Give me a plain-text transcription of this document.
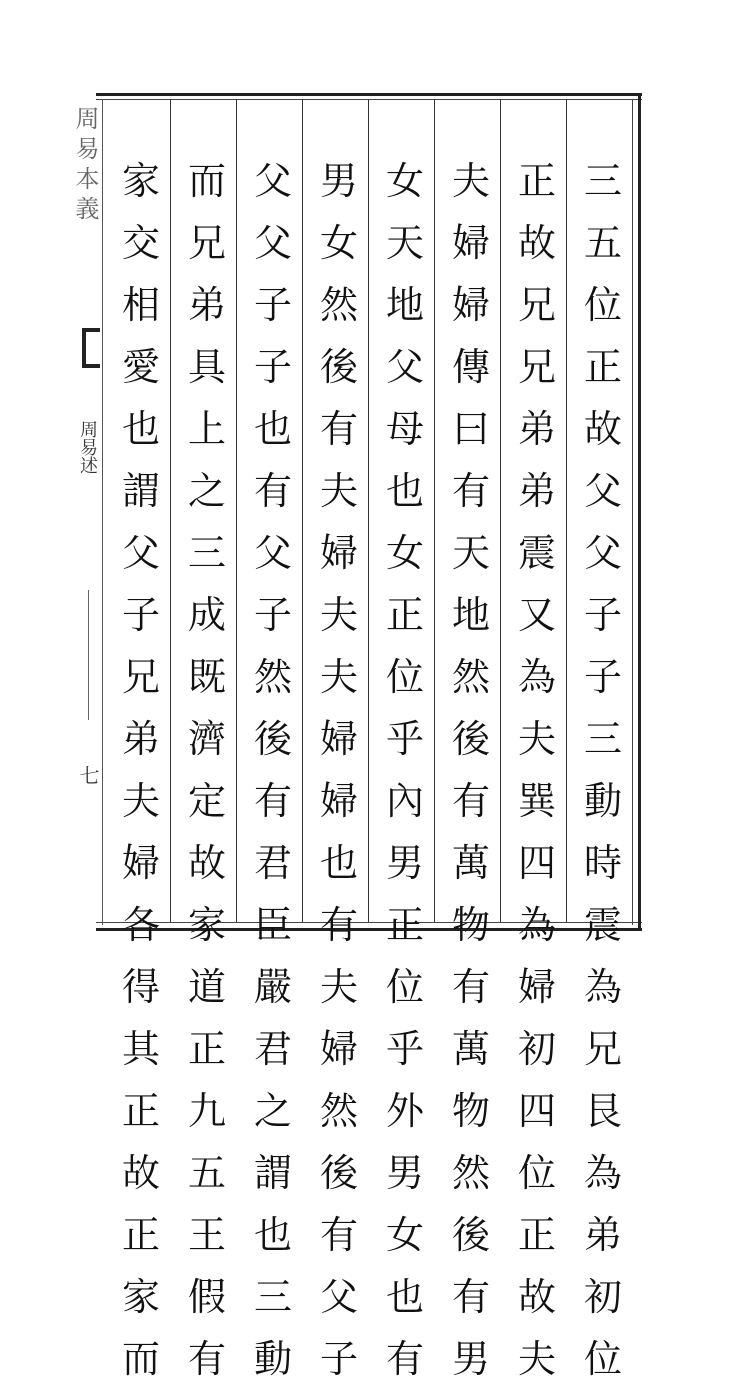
周易本義
周易述
七
三
五
位
正
故
父
父
子
子
三
動
時
震
為
兄
艮
為
弟
初
位
正
故
兄
兄
弟
弟
震
又
為
夫
巽
四
為
婦
初
四
位
正
故
夫
夫
婦
婦
傳
曰
有
天
地
然
後
有
萬
物
有
萬
物
然
後
有
男
女
天
地
父
母
也
女
正
位
乎
內
男
正
位
乎
外
男
女
也
有
男
女
然
後
有
夫
婦
夫
夫
婦
婦
也
有
夫
婦
然
後
有
父
子
父
父
子
子
也
有
父
子
然
後
有
君
臣
嚴
君
之
謂
也
三
動
而
兄
弟
具
上
之
三
成
既
濟
定
故
家
道
正
九
五
王
假
有
家
交
相
愛
也
謂
父
子
兄
弟
夫
婦
各
得
其
正
故
正
家
而
